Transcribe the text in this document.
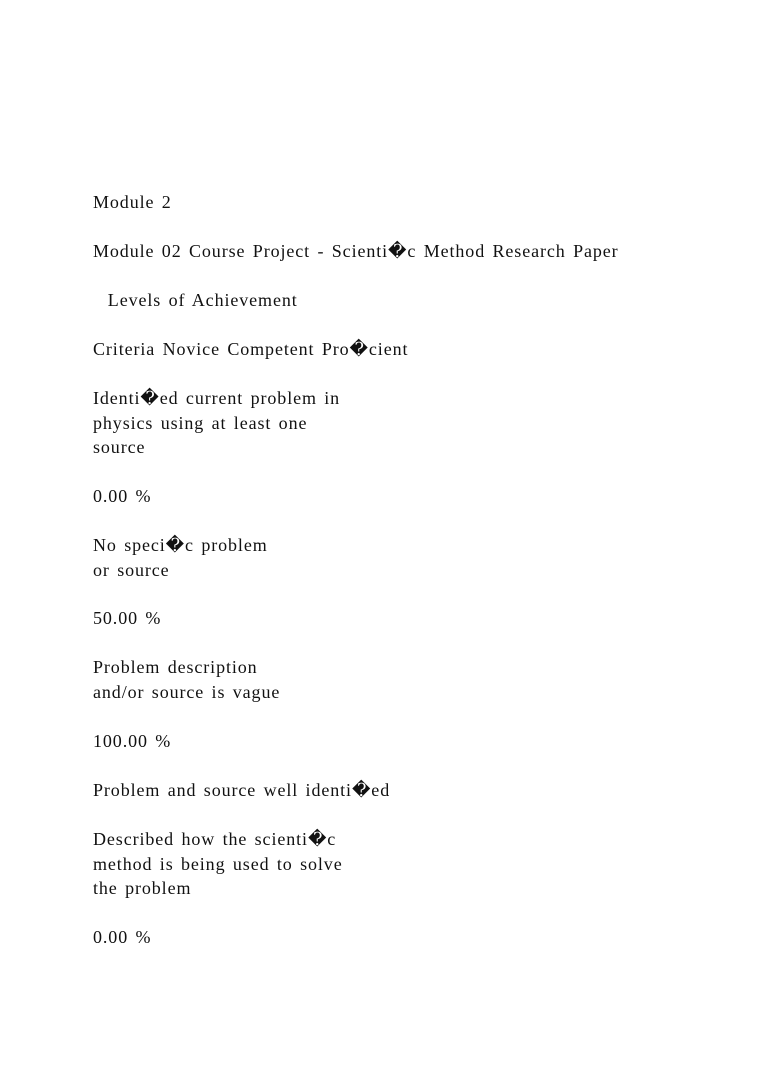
Module 2
Module 02 Course Project - Scienti�c Method Research Paper
Levels of Achievement
Criteria Novice Competent Pro�cient
Identi�ed current problem in
physics using at least one
source
0.00 %
No speci�c problem
or source
50.00 %
Problem description
and/or source is vague
100.00 %
Problem and source well identi�ed
Described how the scienti�c
method is being used to solve
the problem
0.00 %
